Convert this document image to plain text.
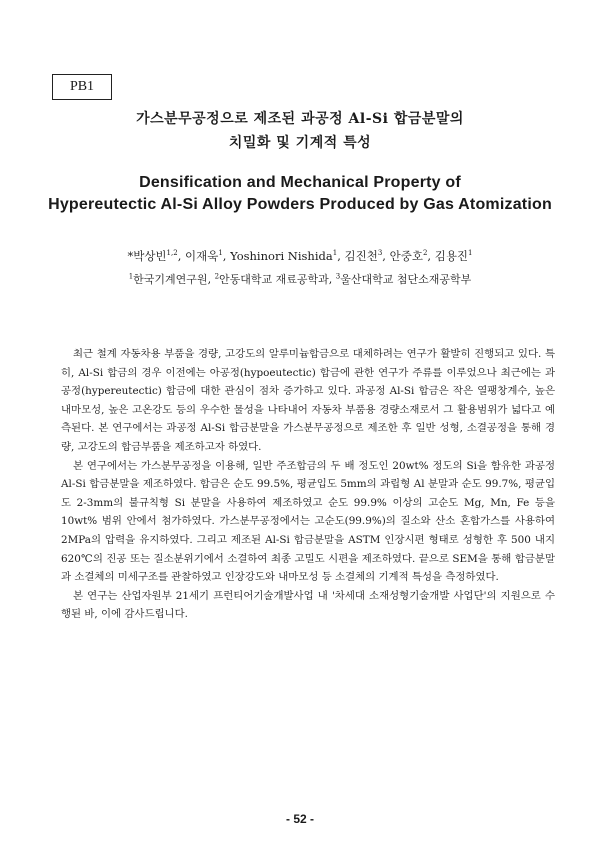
PB1
가스분무공정으로 제조된 과공정 Al-Si 합금분말의
치밀화 및 기계적 특성
Densification and Mechanical Property of
Hypereutectic Al-Si Alloy Powders Produced by Gas Atomization
*박상빈$^{1,2}$, 이재욱$^1$, Yoshinori Nishida$^1$, 김진천$^3$, 안중호$^2$, 김용진$^1$
$^1$한국기계연구원, $^2$안동대학교 재료공학과, $^3$울산대학교 첨단소재공학부

최근 철계 자동차용 부품을 경량, 고강도의 알루미늄합금으로 대체하려는 연구가 활발히 진행되고 있다. 특히, Al-Si 합금의 경우 이전에는 아공정(hypoeutectic) 합금에 관한 연구가 주류를 이루었으나 최근에는 과공정(hypereutectic) 합금에 대한 관심이 점차 증가하고 있다. 과공정 Al-Si 합금은 작은 열팽창계수, 높은 내마모성, 높은 고온강도 등의 우수한 물성을 나타내어 자동차 부품용 경량소재로서 그 활용범위가 넓다고 예측된다. 본 연구에서는 과공정 Al-Si 합금분말을 가스분무공정으로 제조한 후 일반 성형, 소결공정을 통해 경량, 고강도의 합금부품을 제조하고자 하였다.

본 연구에서는 가스분무공정을 이용해, 일반 주조합금의 두 배 정도인 20wt% 정도의 Si을 함유한 과공정 Al-Si 합금분말을 제조하였다. 합금은 순도 99.5%, 평균입도 5mm의 과립형 Al 분말과 순도 99.7%, 평균입도 2-3mm의 불규칙형 Si 분말을 사용하여 제조하였고 순도 99.9% 이상의 고순도 Mg, Mn, Fe 등을 10wt% 범위 안에서 첨가하였다. 가스분무공정에서는 고순도(99.9%)의 질소와 산소 혼합가스를 사용하여 2MPa의 압력을 유지하였다. 그리고 제조된 Al-Si 합금분말을 ASTM 인장시편 형태로 성형한 후 500 내지 620℃의 진공 또는 질소분위기에서 소결하여 최종 고밀도 시편을 제조하였다. 끝으로 SEM을 통해 합금분말과 소결체의 미세구조를 관찰하였고 인장강도와 내마모성 등 소결체의 기계적 특성을 측정하였다.

본 연구는 산업자원부 21세기 프런티어기술개발사업 내 '차세대 소재성형기술개발 사업단'의 지원으로 수행된 바, 이에 감사드립니다.

- 52 -
